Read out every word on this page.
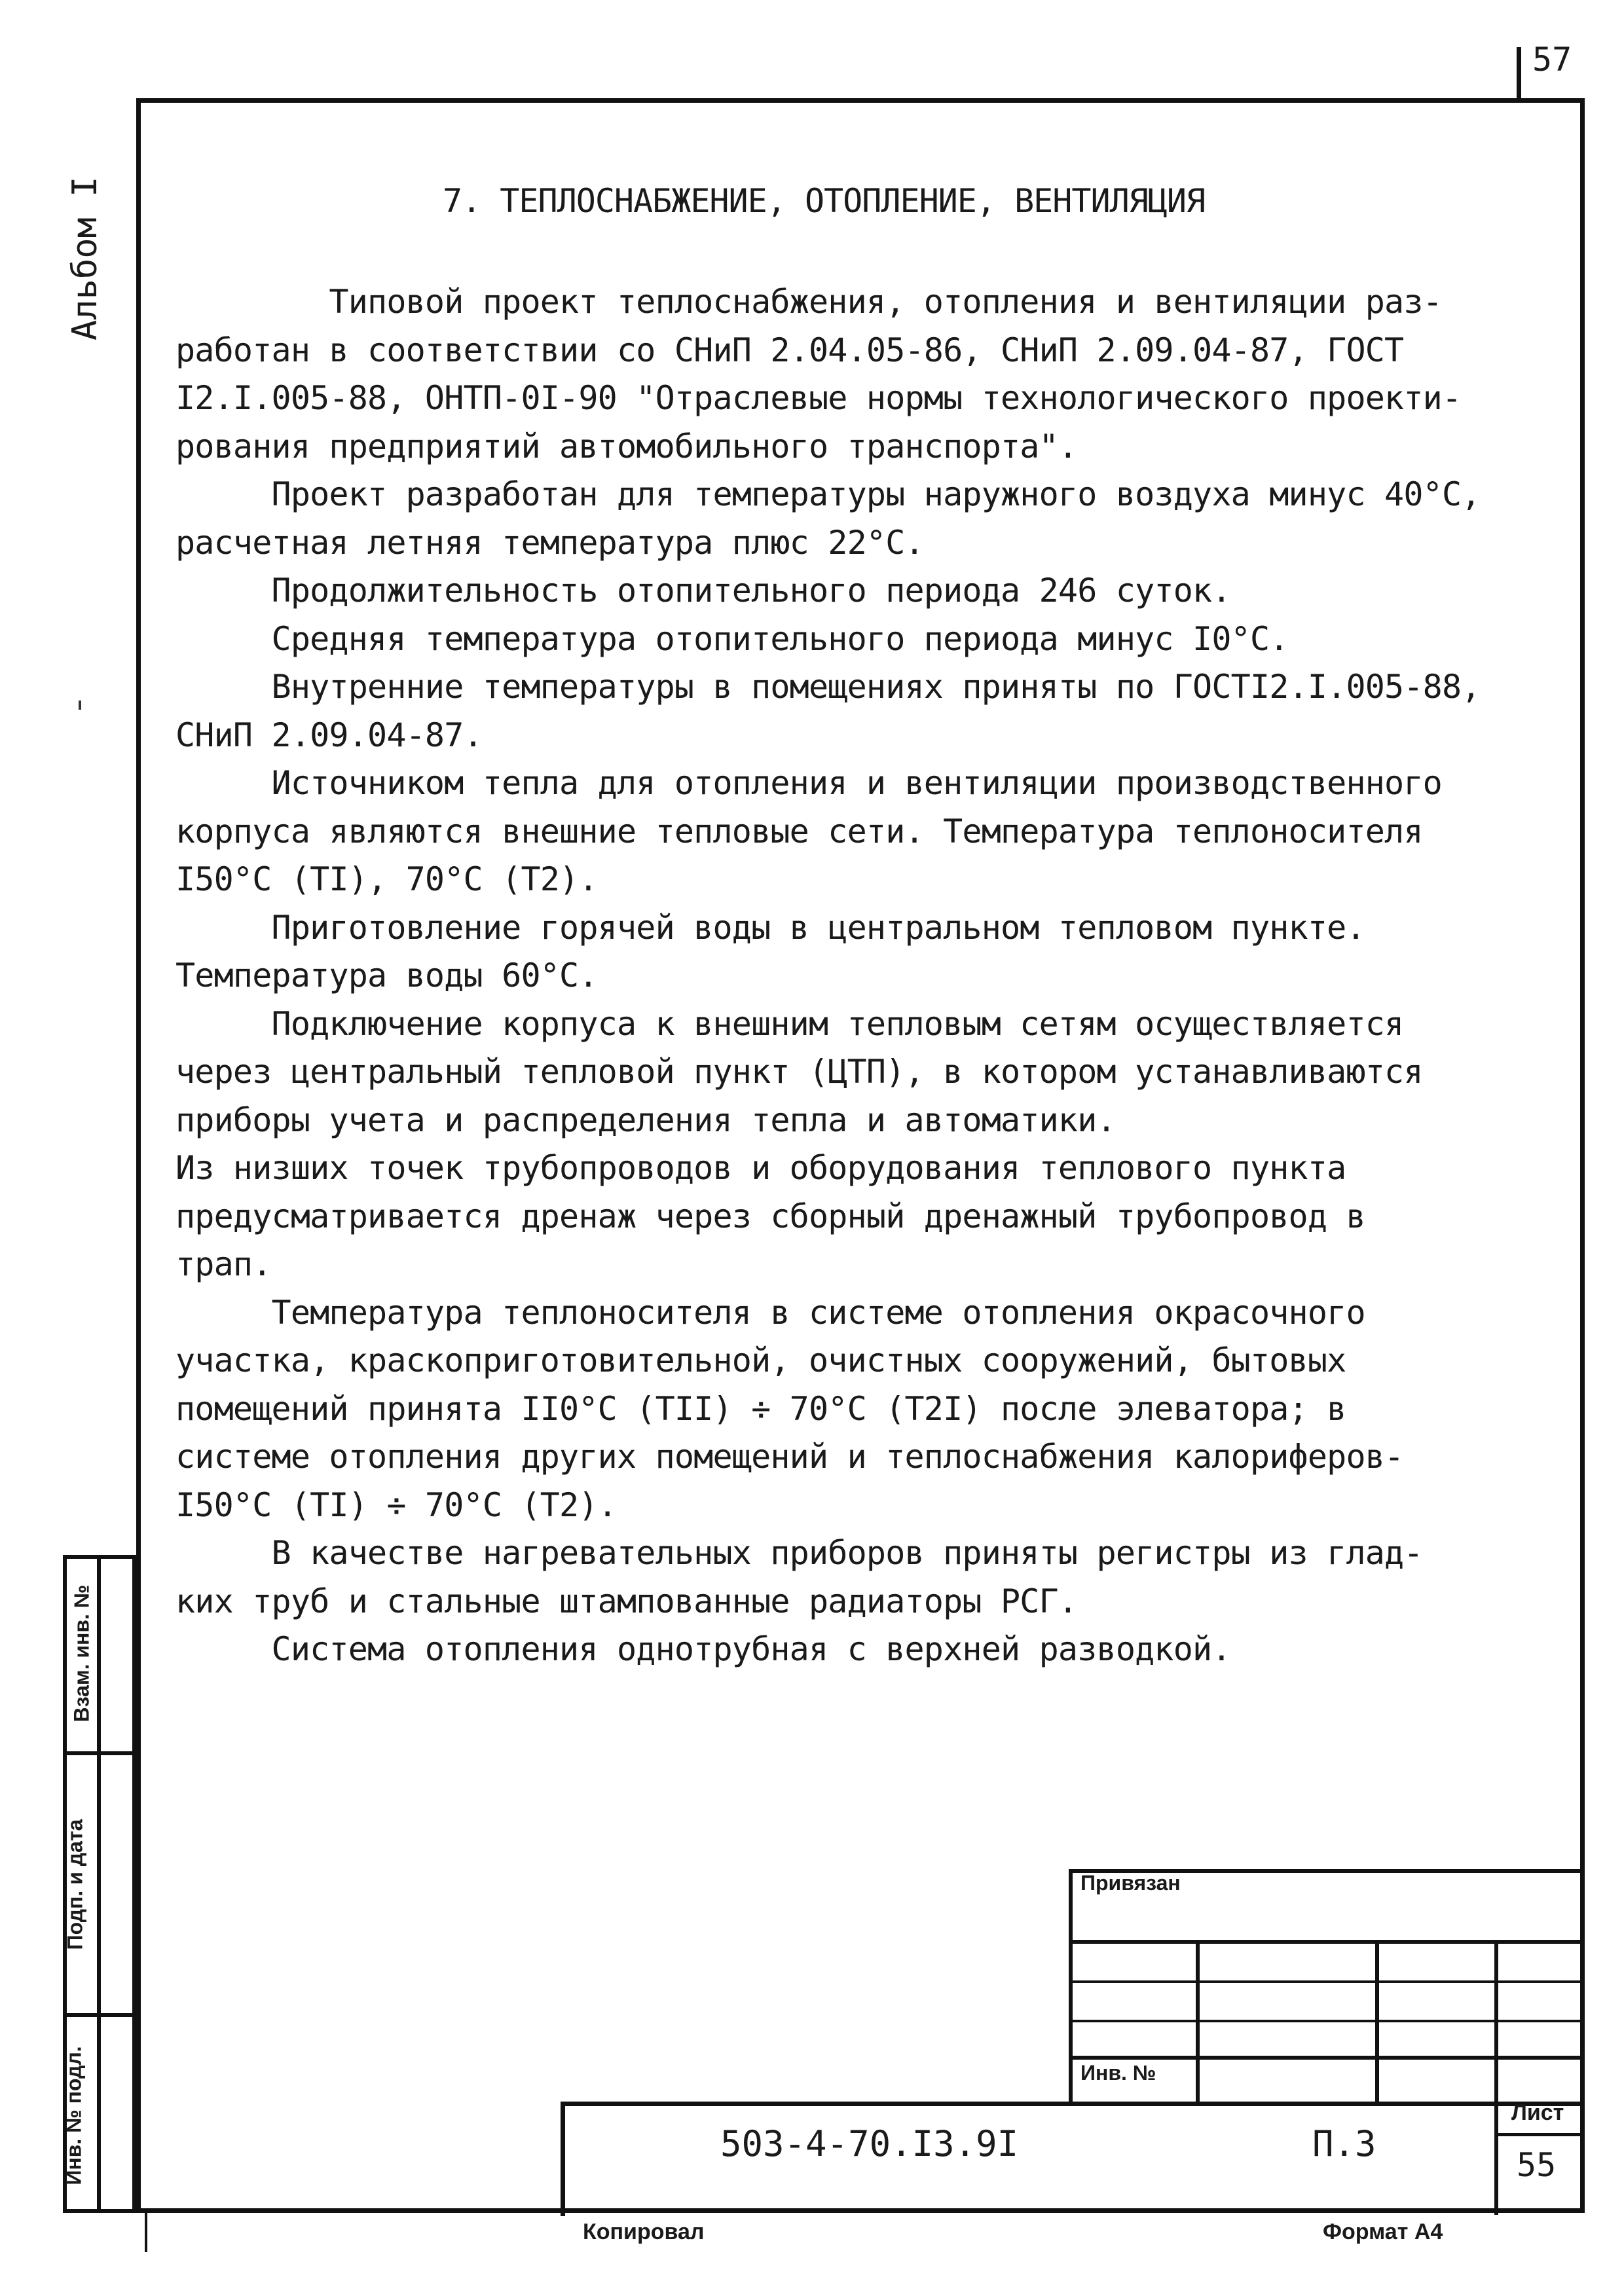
57
Альбом I	7. ТЕПЛОСНАБЖЕНИЕ, ОТОПЛЕНИЕ, ВЕНТИЛЯЦИЯ
Типовой проект теплоснабжения, отопления и вентиляции раз-
работан в соответствии со СНиП 2.04.05-86, СНиП 2.09.04-87, ГОСТ
I2.I.005-88, ОНТП-0I-90 "Отраслевые нормы технологического проекти-
рования предприятий автомобильного транспорта".
Проект разработан для температуры наружного воздуха минус 40°C,
расчетная летняя температура плюс 22°C.
Продолжительность отопительного периода 246 суток.
Средняя температура отопительного периода минус I0°C.
Внутренние температуры в помещениях приняты по ГОСТI2.I.005-88,
СНиП 2.09.04-87.
Источником тепла для отопления и вентиляции производственного
корпуса являются внешние тепловые сети. Температура теплоносителя
I50°C (TI), 70°C (T2).
Приготовление горячей воды в центральном тепловом пункте.
Температура воды 60°C.
Подключение корпуса к внешним тепловым сетям осуществляется
через центральный тепловой пункт (ЦТП), в котором устанавливаются
приборы учета и распределения тепла и автоматики.
Из низших точек трубопроводов и оборудования теплового пункта
предусматривается дренаж через сборный дренажный трубопровод в
трап.
Температура теплоносителя в системе отопления окрасочного
участка, краскоприготовительной, очистных сооружений, бытовых
помещений принята II0°C (TII) ÷ 70°C (T2I) после элеватора; в
системе отопления других помещений и теплоснабжения калориферов-
I50°C (TI) ÷ 70°C (T2).
В качестве нагревательных приборов приняты регистры из глад-
ких труб и стальные штампованные радиаторы РСГ.
Система отопления однотрубная с верхней разводкой.
Взам. инв. №
Подп. и дата
Инв. № подл.
Привязан
Инв. №
503-4-70.I3.9I	П.3
Лист
55
Копировал	Формат А4
